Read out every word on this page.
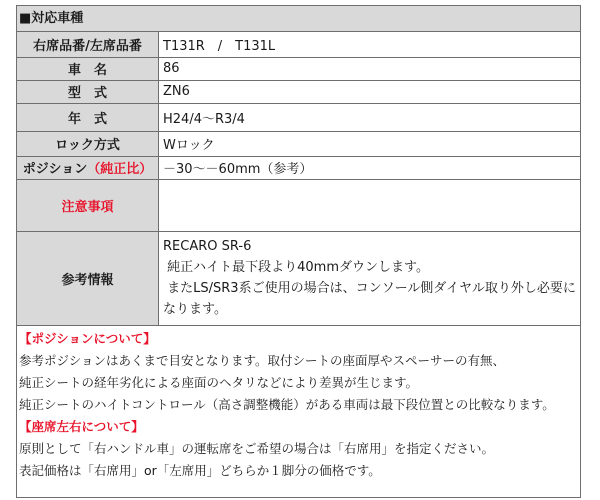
■対応車種
右席品番/左席品番	T131R　/　T131L
車　名	86
型　式	ZN6
年　式	H24/4〜R3/4
ロック方式	Wロック
ポジション（純正比）	－30〜－60mm（参考）
注意事項	
参考情報	RECARO SR-6
純正ハイト最下段より40mmダウンします。
またLS/SR3系ご使用の場合は、コンソール側ダイヤル取り外し必要に
なります。
【ポジションについて】
参考ポジションはあくまで目安となります。取付シートの座面厚やスペーサーの有無、
純正シートの経年劣化による座面のヘタリなどにより差異が生じます。
純正シートのハイトコントロール（高さ調整機能）がある車両は最下段位置との比較なります。
【座席左右について】
原則として「右ハンドル車」の運転席をご希望の場合は「右席用」を指定ください。
表記価格は「右席用」or「左席用」どちらか１脚分の価格です。
